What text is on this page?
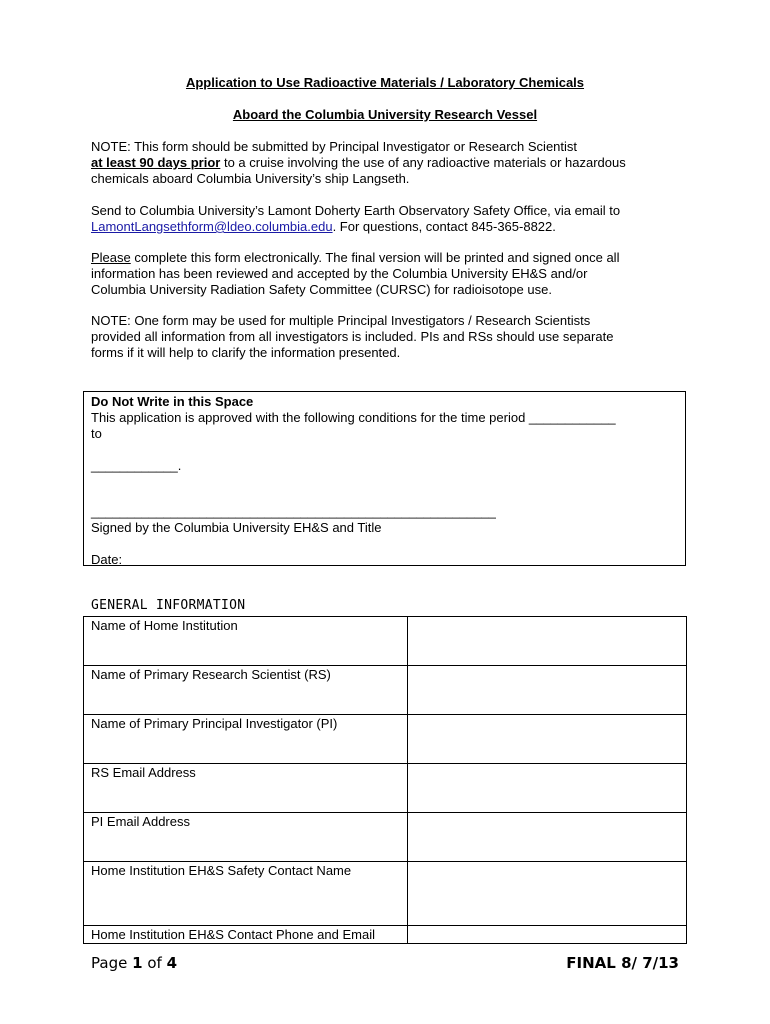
Application to Use Radioactive Materials / Laboratory Chemicals
Aboard the Columbia University Research Vessel
NOTE: This form should be submitted by Principal Investigator or Research Scientist
at least 90 days prior to a cruise involving the use of any radioactive materials or hazardous
chemicals aboard Columbia University’s ship Langseth.
Send to Columbia University’s Lamont Doherty Earth Observatory Safety Office, via email to
LamontLangsethform@ldeo.columbia.edu. For questions, contact 845-365-8822.
Please complete this form electronically. The final version will be printed and signed once all
information has been reviewed and accepted by the Columbia University EH&S and/or
Columbia University Radiation Safety Committee (CURSC) for radioisotope use.
NOTE: One form may be used for multiple Principal Investigators / Research Scientists
provided all information from all investigators is included. PIs and RSs should use separate
forms if it will help to clarify the information presented.
Do Not Write in this Space
This application is approved with the following conditions for the time period ____________
to
____________.
________________________________________________________
Signed by the Columbia University EH&S and Title
Date:
GENERAL INFORMATION
Name of Home Institution	
Name of Primary Research Scientist (RS)	
Name of Primary Principal Investigator (PI)	
RS Email Address	
PI Email Address	
Home Institution EH&S Safety Contact Name	
Home Institution EH&S Contact Phone and Email	
Page 1 of 4	FINAL 8/ 7/13
